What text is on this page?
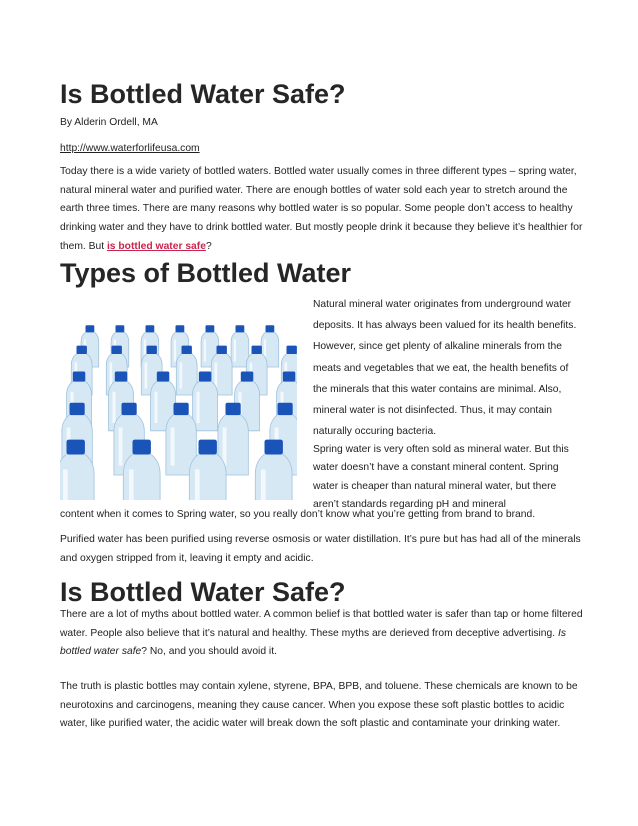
Is Bottled Water Safe?

By Alderin Ordell, MA

http://www.waterforlifeusa.com

Today there is a wide variety of bottled waters. Bottled water usually comes in three different types – spring water, natural mineral water and purified water. There are enough bottles of water sold each year to stretch around the earth three times. There are many reasons why bottled water is so popular. Some people don’t access to healthy drinking water and they have to drink bottled water. But mostly people drink it because they believe it’s healthier for them. But is bottled water safe?

Types of Bottled Water

Natural mineral water originates from underground water deposits. It has always been valued for its health benefits. However, since get plenty of alkaline minerals from the meats and vegetables that we eat, the health benefits of the minerals that this water contains are minimal. Also, mineral water is not disinfected. Thus, it may contain naturally occuring bacteria.

Spring water is very often sold as mineral water. But this water doesn’t have a constant mineral content. Spring water is cheaper than natural mineral water, but there aren’t standards regarding pH and mineral

content when it comes to Spring water, so you really don’t know what you’re getting from brand to brand.

Purified water has been purified using reverse osmosis or water distillation. It’s pure but has had all of the minerals and oxygen stripped from it, leaving it empty and acidic.

Is Bottled Water Safe?

There are a lot of myths about bottled water. A common belief is that bottled water is safer than tap or home filtered water. People also believe that it’s natural and healthy. These myths are derieved from deceptive advertising. Is bottled water safe? No, and you should avoid it.

The truth is plastic bottles may contain xylene, styrene, BPA, BPB, and toluene. These chemicals are known to be neurotoxins and carcinogens, meaning they cause cancer. When you expose these soft plastic bottles to acidic water, like purified water, the acidic water will break down the soft plastic and contaminate your drinking water.
